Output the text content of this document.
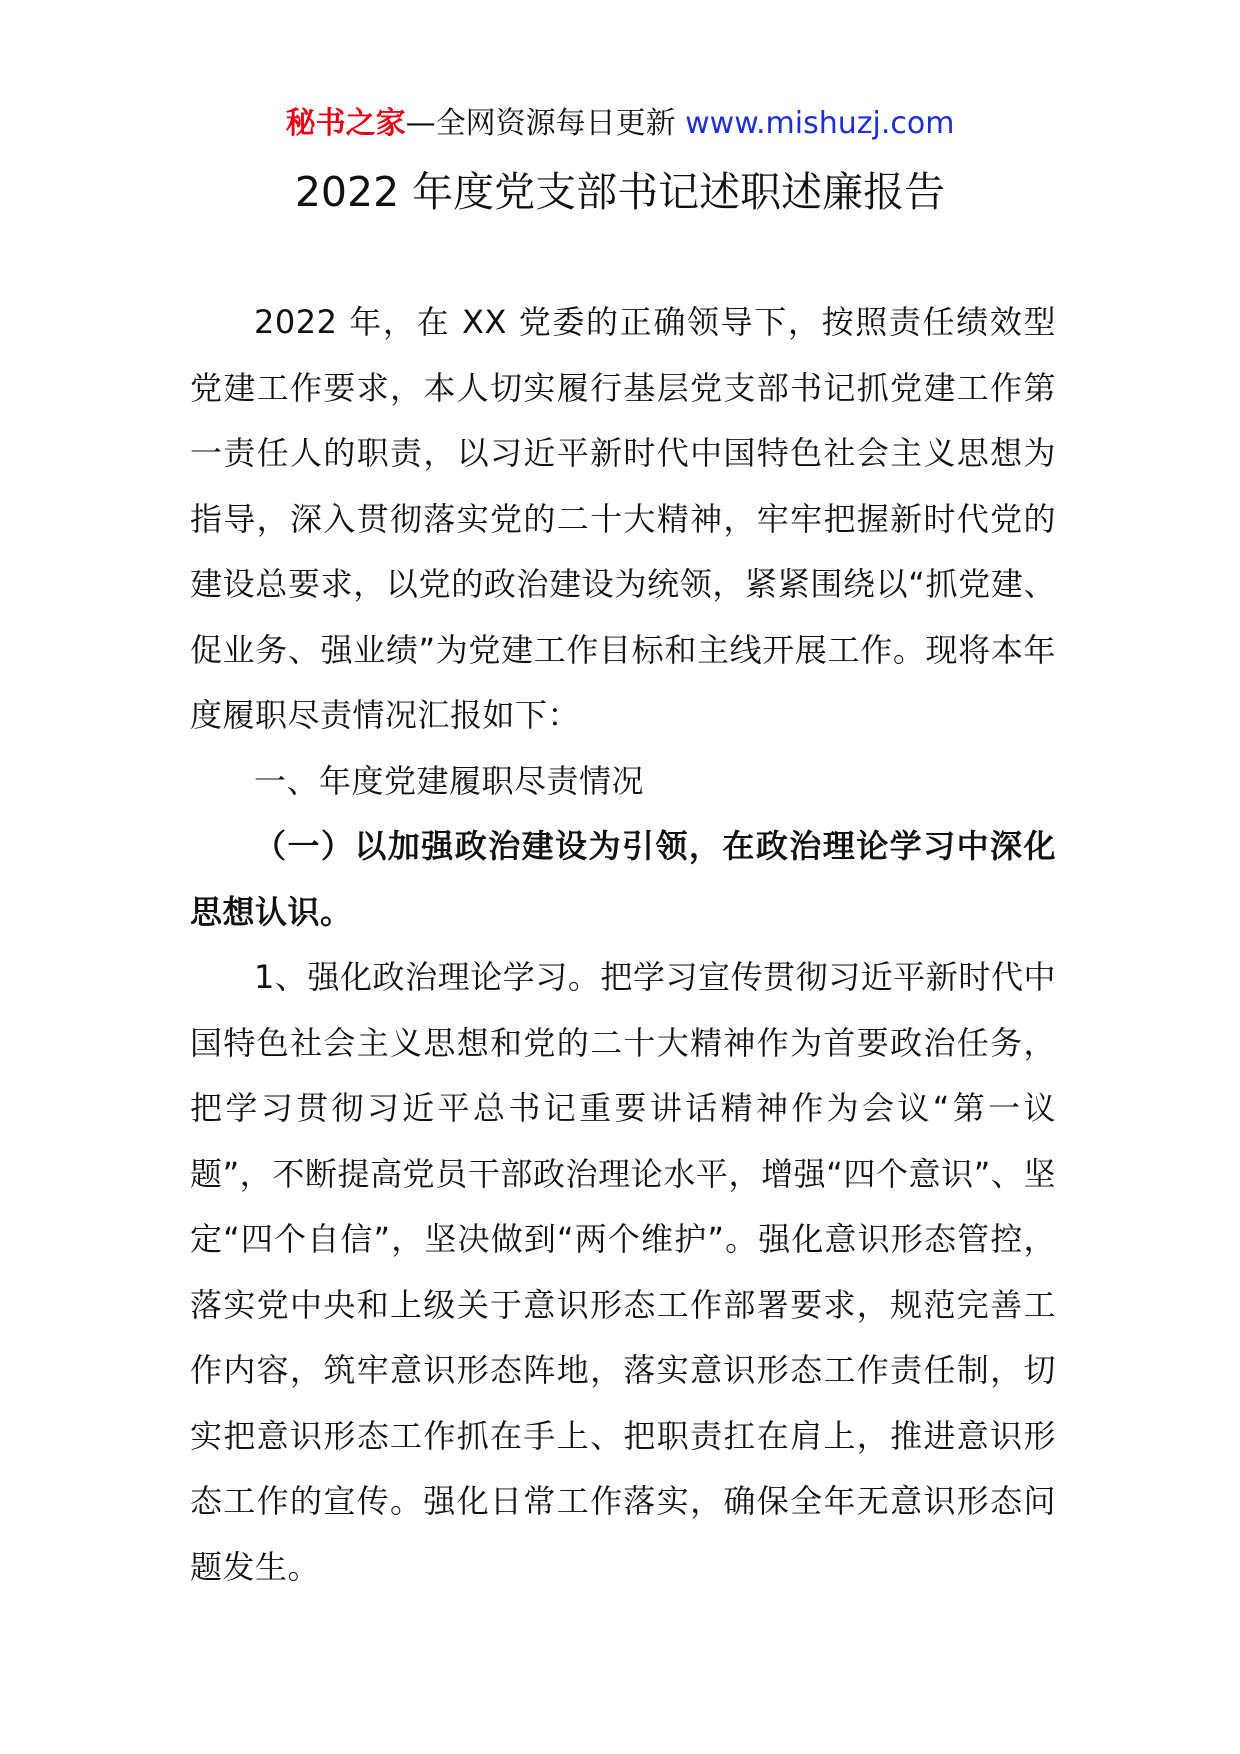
秘书之家—全网资源每日更新 www.mishuzj.com
2022 年度党支部书记述职述廉报告

2022 年，在 XX 党委的正确领导下，按照责任绩效型党建工作要求，本人切实履行基层党支部书记抓党建工作第一责任人的职责，以习近平新时代中国特色社会主义思想为指导，深入贯彻落实党的二十大精神，牢牢把握新时代党的建设总要求，以党的政治建设为统领，紧紧围绕以“抓党建、促业务、强业绩”为党建工作目标和主线开展工作。现将本年度履职尽责情况汇报如下：

一、年度党建履职尽责情况

（一）以加强政治建设为引领，在政治理论学习中深化思想认识。

1、强化政治理论学习。把学习宣传贯彻习近平新时代中国特色社会主义思想和党的二十大精神作为首要政治任务，把学习贯彻习近平总书记重要讲话精神作为会议“第一议题”，不断提高党员干部政治理论水平，增强“四个意识”、坚定“四个自信”，坚决做到“两个维护”。强化意识形态管控，落实党中央和上级关于意识形态工作部署要求，规范完善工作内容，筑牢意识形态阵地，落实意识形态工作责任制，切实把意识形态工作抓在手上、把职责扛在肩上，推进意识形态工作的宣传。强化日常工作落实，确保全年无意识形态问题发生。
